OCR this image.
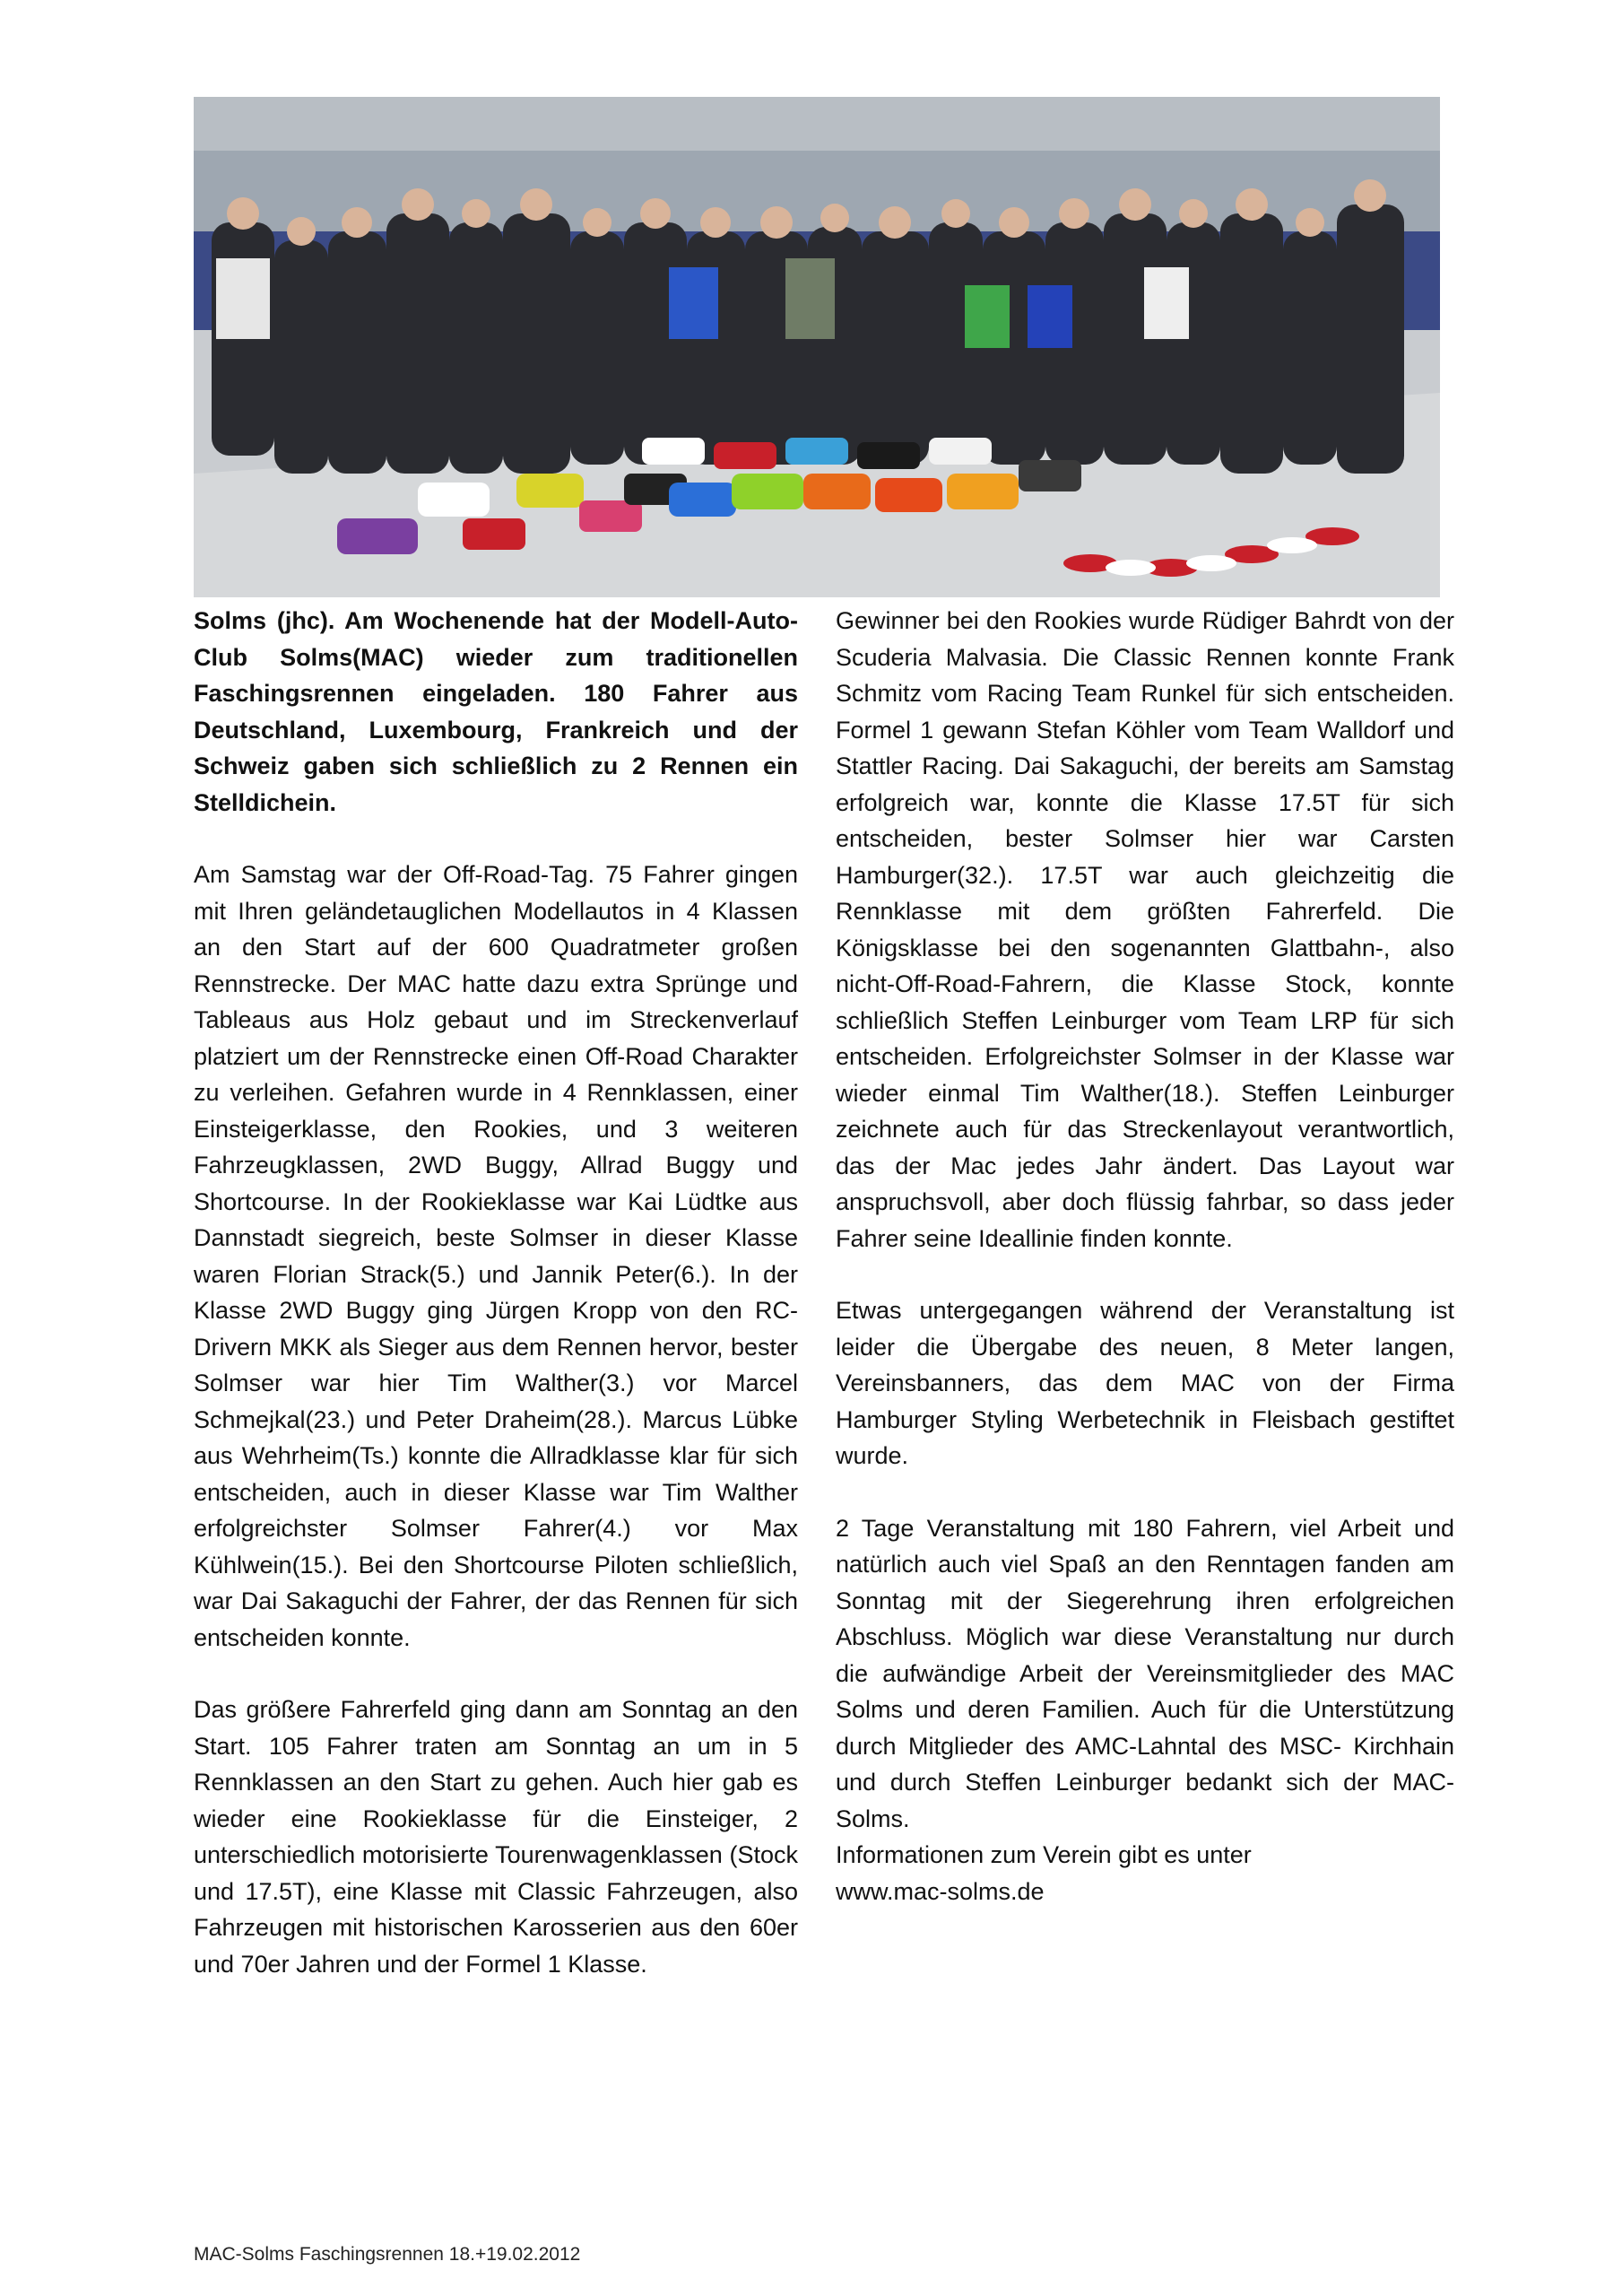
Solms (jhc). Am Wochenende hat der Modell-Auto-Club Solms(MAC) wieder zum traditionellen Faschingsrennen eingeladen. 180 Fahrer aus Deutschland, Luxembourg, Frankreich und der Schweiz gaben sich schließlich zu 2 Rennen ein Stelldichein.

Am Samstag war der Off-Road-Tag. 75 Fahrer gingen mit Ihren geländetauglichen Modellautos in 4 Klassen an den Start auf der 600 Quadratmeter großen Rennstrecke. Der MAC hatte dazu extra Sprünge und Tableaus aus Holz gebaut und im Streckenverlauf platziert um der Rennstrecke einen Off-Road Charakter zu verleihen. Gefahren wurde in 4 Rennklassen, einer Einsteigerklasse, den Rookies, und 3 weiteren Fahrzeugklassen, 2WD Buggy, Allrad Buggy und Shortcourse. In der Rookieklasse war Kai Lüdtke aus Dannstadt siegreich, beste Solmser in dieser Klasse waren Florian Strack(5.) und Jannik Peter(6.). In der Klasse 2WD Buggy ging Jürgen Kropp von den RC-Drivern MKK als Sieger aus dem Rennen hervor, bester Solmser war hier Tim Walther(3.) vor Marcel Schmejkal(23.) und Peter Draheim(28.). Marcus Lübke aus Wehrheim(Ts.) konnte die Allradklasse klar für sich entscheiden, auch in dieser Klasse war Tim Walther erfolgreichster Solmser Fahrer(4.) vor Max Kühlwein(15.). Bei den Shortcourse Piloten schließlich, war Dai Sakaguchi der Fahrer, der das Rennen für sich entscheiden konnte.

Das größere Fahrerfeld ging dann am Sonntag an den Start. 105 Fahrer traten am Sonntag an um in 5 Rennklassen an den Start zu gehen. Auch hier gab es wieder eine Rookieklasse für die Einsteiger, 2 unterschiedlich motorisierte Tourenwagenklassen (Stock und 17.5T), eine Klasse mit Classic Fahrzeugen, also Fahrzeugen mit historischen Karosserien aus den 60er und 70er Jahren und der Formel 1 Klasse.

Gewinner bei den Rookies wurde Rüdiger Bahrdt von der Scuderia Malvasia. Die Classic Rennen konnte Frank Schmitz vom Racing Team Runkel für sich entscheiden. Formel 1 gewann Stefan Köhler vom Team Walldorf und Stattler Racing. Dai Sakaguchi, der bereits am Samstag erfolgreich war, konnte die Klasse 17.5T für sich entscheiden, bester Solmser hier war Carsten Hamburger(32.). 17.5T war auch gleichzeitig die Rennklasse mit dem größten Fahrerfeld. Die Königsklasse bei den sogenannten Glattbahn-, also nicht-Off-Road-Fahrern, die Klasse Stock, konnte schließlich Steffen Leinburger vom Team LRP für sich entscheiden. Erfolgreichster Solmser in der Klasse war wieder einmal Tim Walther(18.). Steffen Leinburger zeichnete auch für das Streckenlayout verantwortlich, das der Mac jedes Jahr ändert. Das Layout war anspruchsvoll, aber doch flüssig fahrbar, so dass jeder Fahrer seine Ideallinie finden konnte.

Etwas untergegangen während der Veranstaltung ist leider die Übergabe des neuen, 8 Meter langen, Vereinsbanners, das dem MAC von der Firma Hamburger Styling Werbetechnik in Fleisbach gestiftet wurde.

2 Tage Veranstaltung mit 180 Fahrern, viel Arbeit und natürlich auch viel Spaß an den Renntagen fanden am Sonntag mit der Siegerehrung ihren erfolgreichen Abschluss. Möglich war diese Veranstaltung nur durch die aufwändige Arbeit der Vereinsmitglieder des MAC Solms und deren Familien. Auch für die Unterstützung durch Mitglieder des AMC-Lahntal des MSC- Kirchhain und durch Steffen Leinburger bedankt sich der MAC-Solms.

Informationen zum Verein gibt es unter

www.mac-solms.de
MAC-Solms Faschingsrennen 18.+19.02.2012
